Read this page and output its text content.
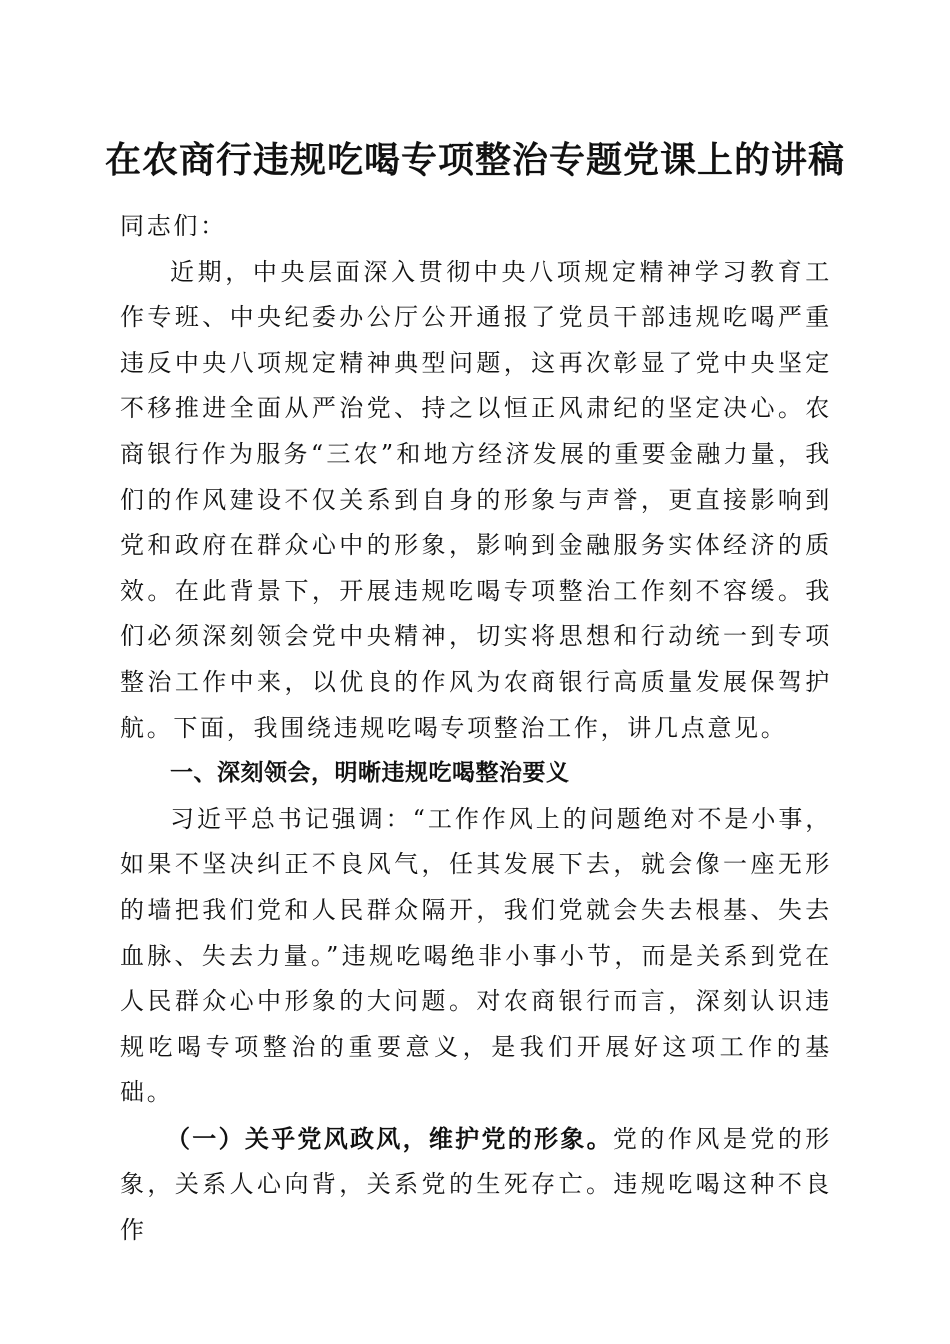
在农商行违规吃喝专项整治专题党课上的讲稿

同志们：

近期，中央层面深入贯彻中央八项规定精神学习教育工作专班、中央纪委办公厅公开通报了党员干部违规吃喝严重违反中央八项规定精神典型问题，这再次彰显了党中央坚定不移推进全面从严治党、持之以恒正风肃纪的坚定决心。农商银行作为服务“三农”和地方经济发展的重要金融力量，我们的作风建设不仅关系到自身的形象与声誉，更直接影响到党和政府在群众心中的形象，影响到金融服务实体经济的质效。在此背景下，开展违规吃喝专项整治工作刻不容缓。我们必须深刻领会党中央精神，切实将思想和行动统一到专项整治工作中来，以优良的作风为农商银行高质量发展保驾护航。下面，我围绕违规吃喝专项整治工作，讲几点意见。

一、深刻领会，明晰违规吃喝整治要义

习近平总书记强调：“工作作风上的问题绝对不是小事，如果不坚决纠正不良风气，任其发展下去，就会像一座无形的墙把我们党和人民群众隔开，我们党就会失去根基、失去血脉、失去力量。”违规吃喝绝非小事小节，而是关系到党在人民群众心中形象的大问题。对农商银行而言，深刻认识违规吃喝专项整治的重要意义，是我们开展好这项工作的基础。

（一）关乎党风政风，维护党的形象。党的作风是党的形象，关系人心向背，关系党的生死存亡。违规吃喝这种不良作
